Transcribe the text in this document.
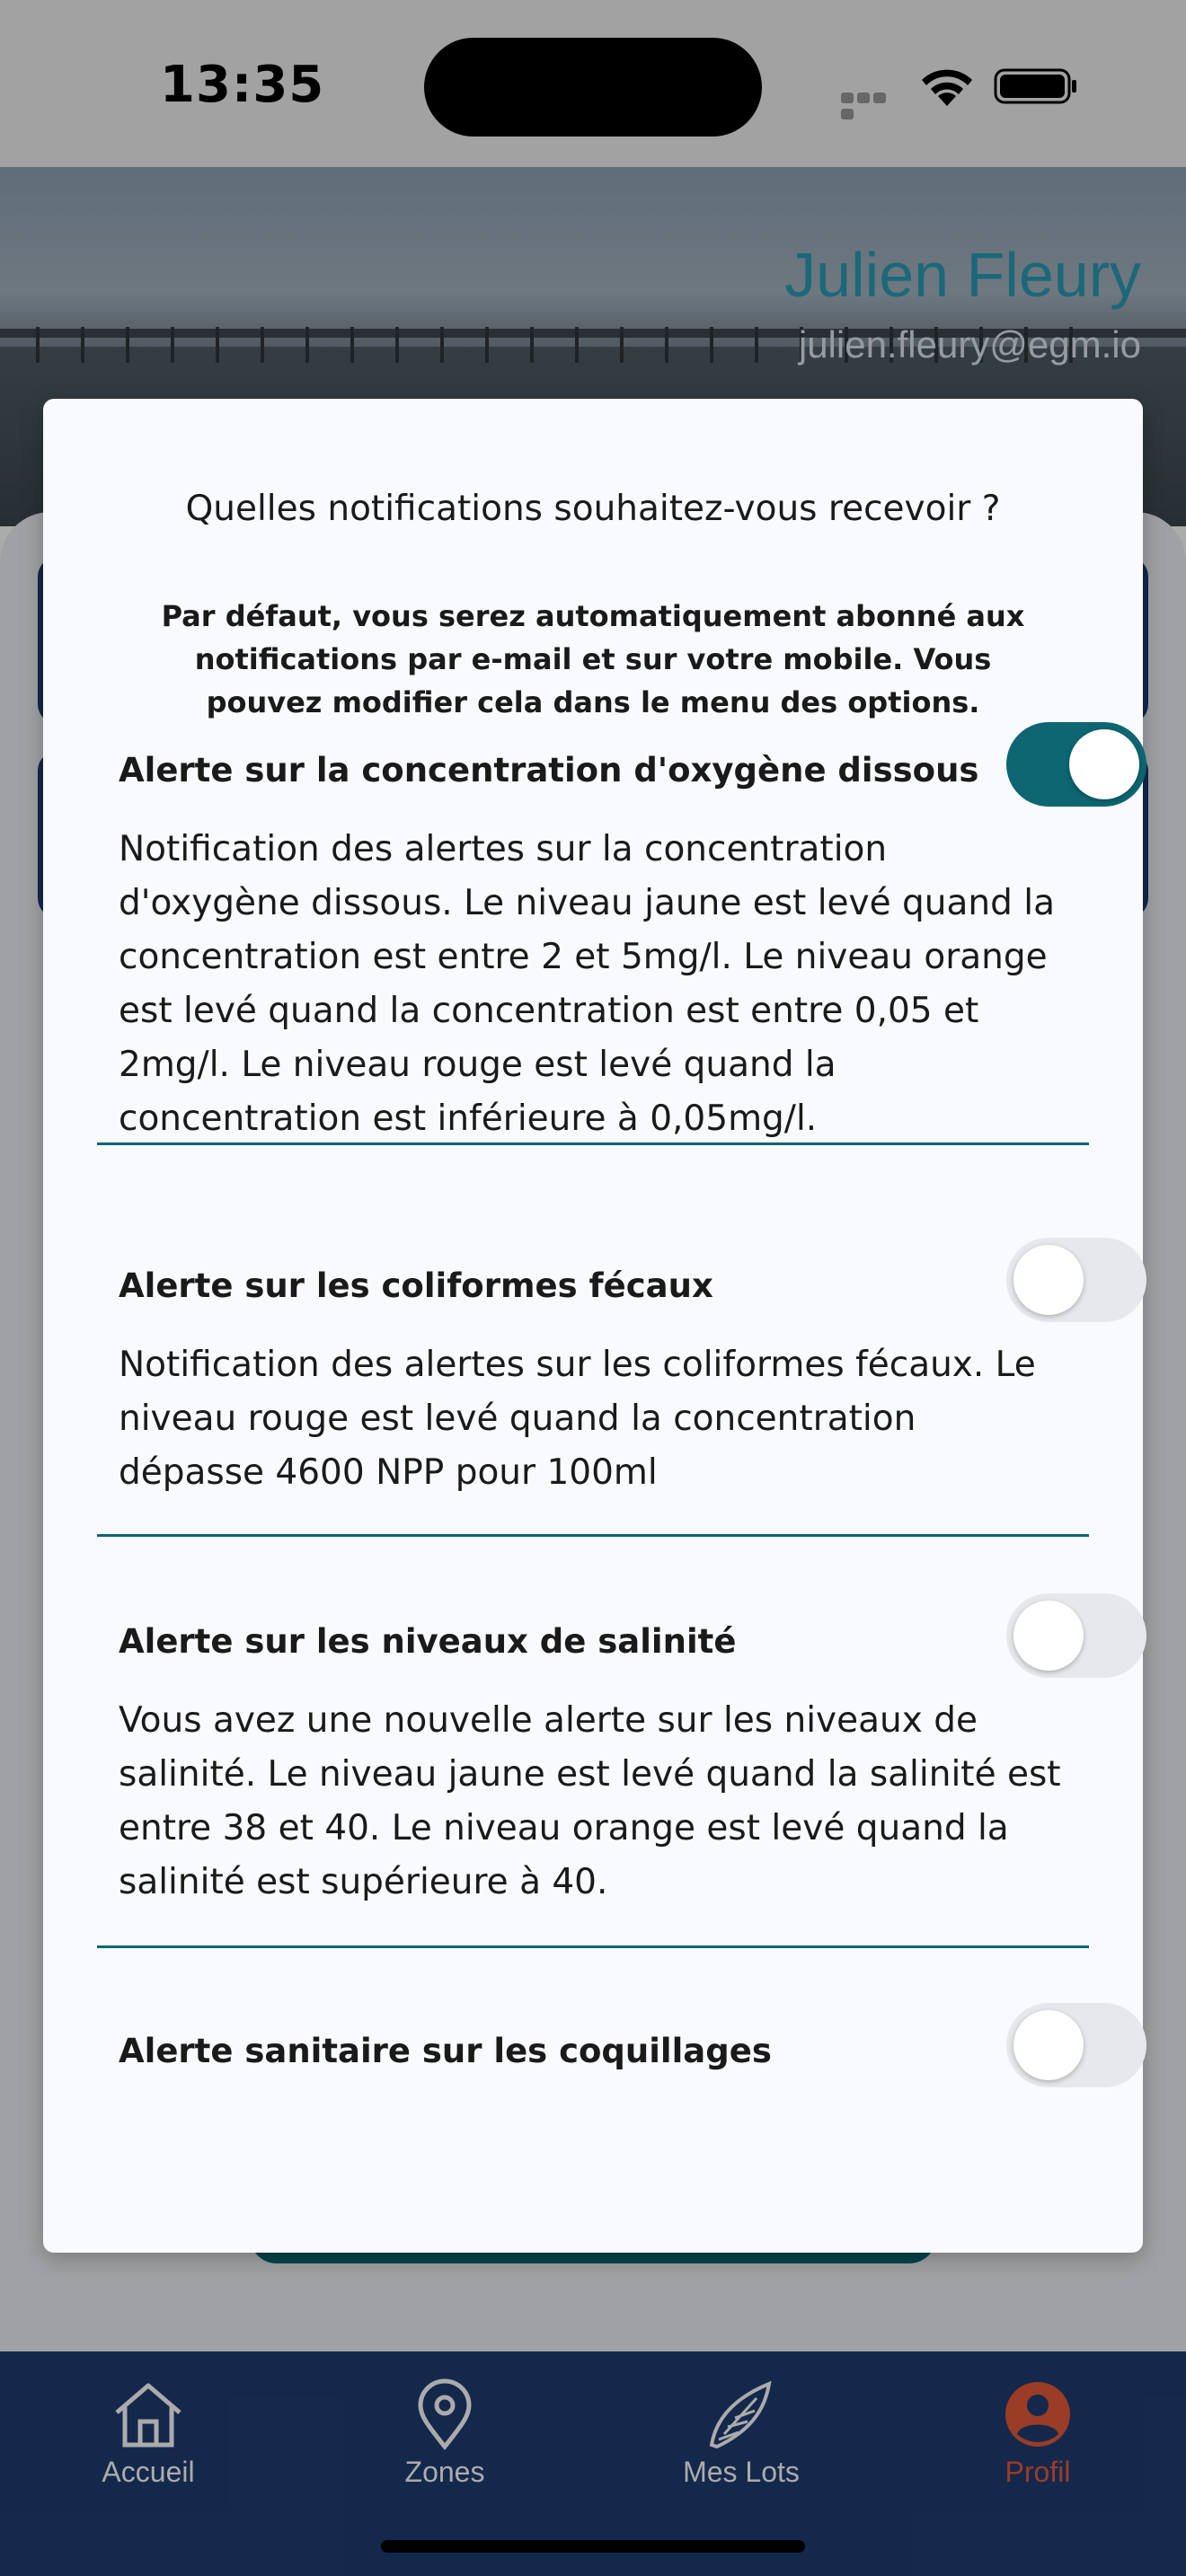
13:35
Julien Fleury
julien.fleury@egm.io
Accueil	Zones	Mes Lots	Profil
Quelles notifications souhaitez-vous recevoir ?
Par défaut, vous serez automatiquement abonné aux notifications par e-mail et sur votre mobile. Vous pouvez modifier cela dans le menu des options.
Alerte sur la concentration d'oxygène dissous
Notification des alertes sur la concentration d'oxygène dissous. Le niveau jaune est levé quand la concentration est entre 2 et 5mg/l. Le niveau orange est levé quand la concentration est entre 0,05 et 2mg/l. Le niveau rouge est levé quand la concentration est inférieure à 0,05mg/l.
Alerte sur les coliformes fécaux
Notification des alertes sur les coliformes fécaux. Le niveau rouge est levé quand la concentration dépasse 4600 NPP pour 100ml
Alerte sur les niveaux de salinité
Vous avez une nouvelle alerte sur les niveaux de salinité. Le niveau jaune est levé quand la salinité est entre 38 et 40. Le niveau orange est levé quand la salinité est supérieure à 40.
Alerte sanitaire sur les coquillages
